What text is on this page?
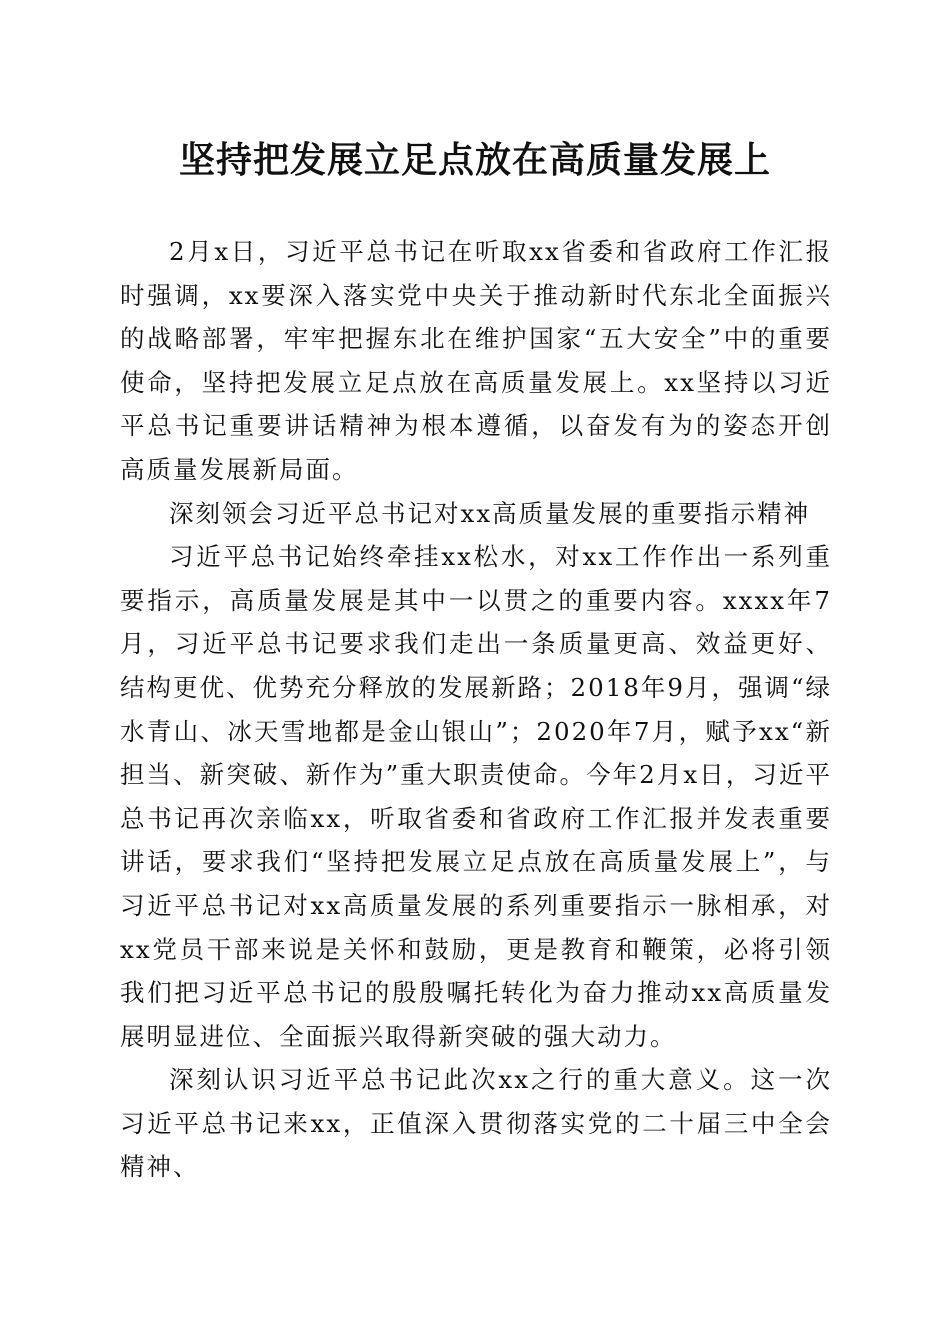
坚持把发展立足点放在高质量发展上

2月x日，习近平总书记在听取xx省委和省政府工作汇报时强调，xx要深入落实党中央关于推动新时代东北全面振兴的战略部署，牢牢把握东北在维护国家“五大安全”中的重要使命，坚持把发展立足点放在高质量发展上。xx坚持以习近平总书记重要讲话精神为根本遵循，以奋发有为的姿态开创高质量发展新局面。

深刻领会习近平总书记对xx高质量发展的重要指示精神

习近平总书记始终牵挂xx松水，对xx工作作出一系列重要指示，高质量发展是其中一以贯之的重要内容。xxxx年7月，习近平总书记要求我们走出一条质量更高、效益更好、结构更优、优势充分释放的发展新路；2018年9月，强调“绿水青山、冰天雪地都是金山银山”；2020年7月，赋予xx“新担当、新突破、新作为”重大职责使命。今年2月x日，习近平总书记再次亲临xx，听取省委和省政府工作汇报并发表重要讲话，要求我们“坚持把发展立足点放在高质量发展上”，与习近平总书记对xx高质量发展的系列重要指示一脉相承，对xx党员干部来说是关怀和鼓励，更是教育和鞭策，必将引领我们把习近平总书记的殷殷嘱托转化为奋力推动xx高质量发展明显进位、全面振兴取得新突破的强大动力。

深刻认识习近平总书记此次xx之行的重大意义。这一次习近平总书记来xx，正值深入贯彻落实党的二十届三中全会精神、
